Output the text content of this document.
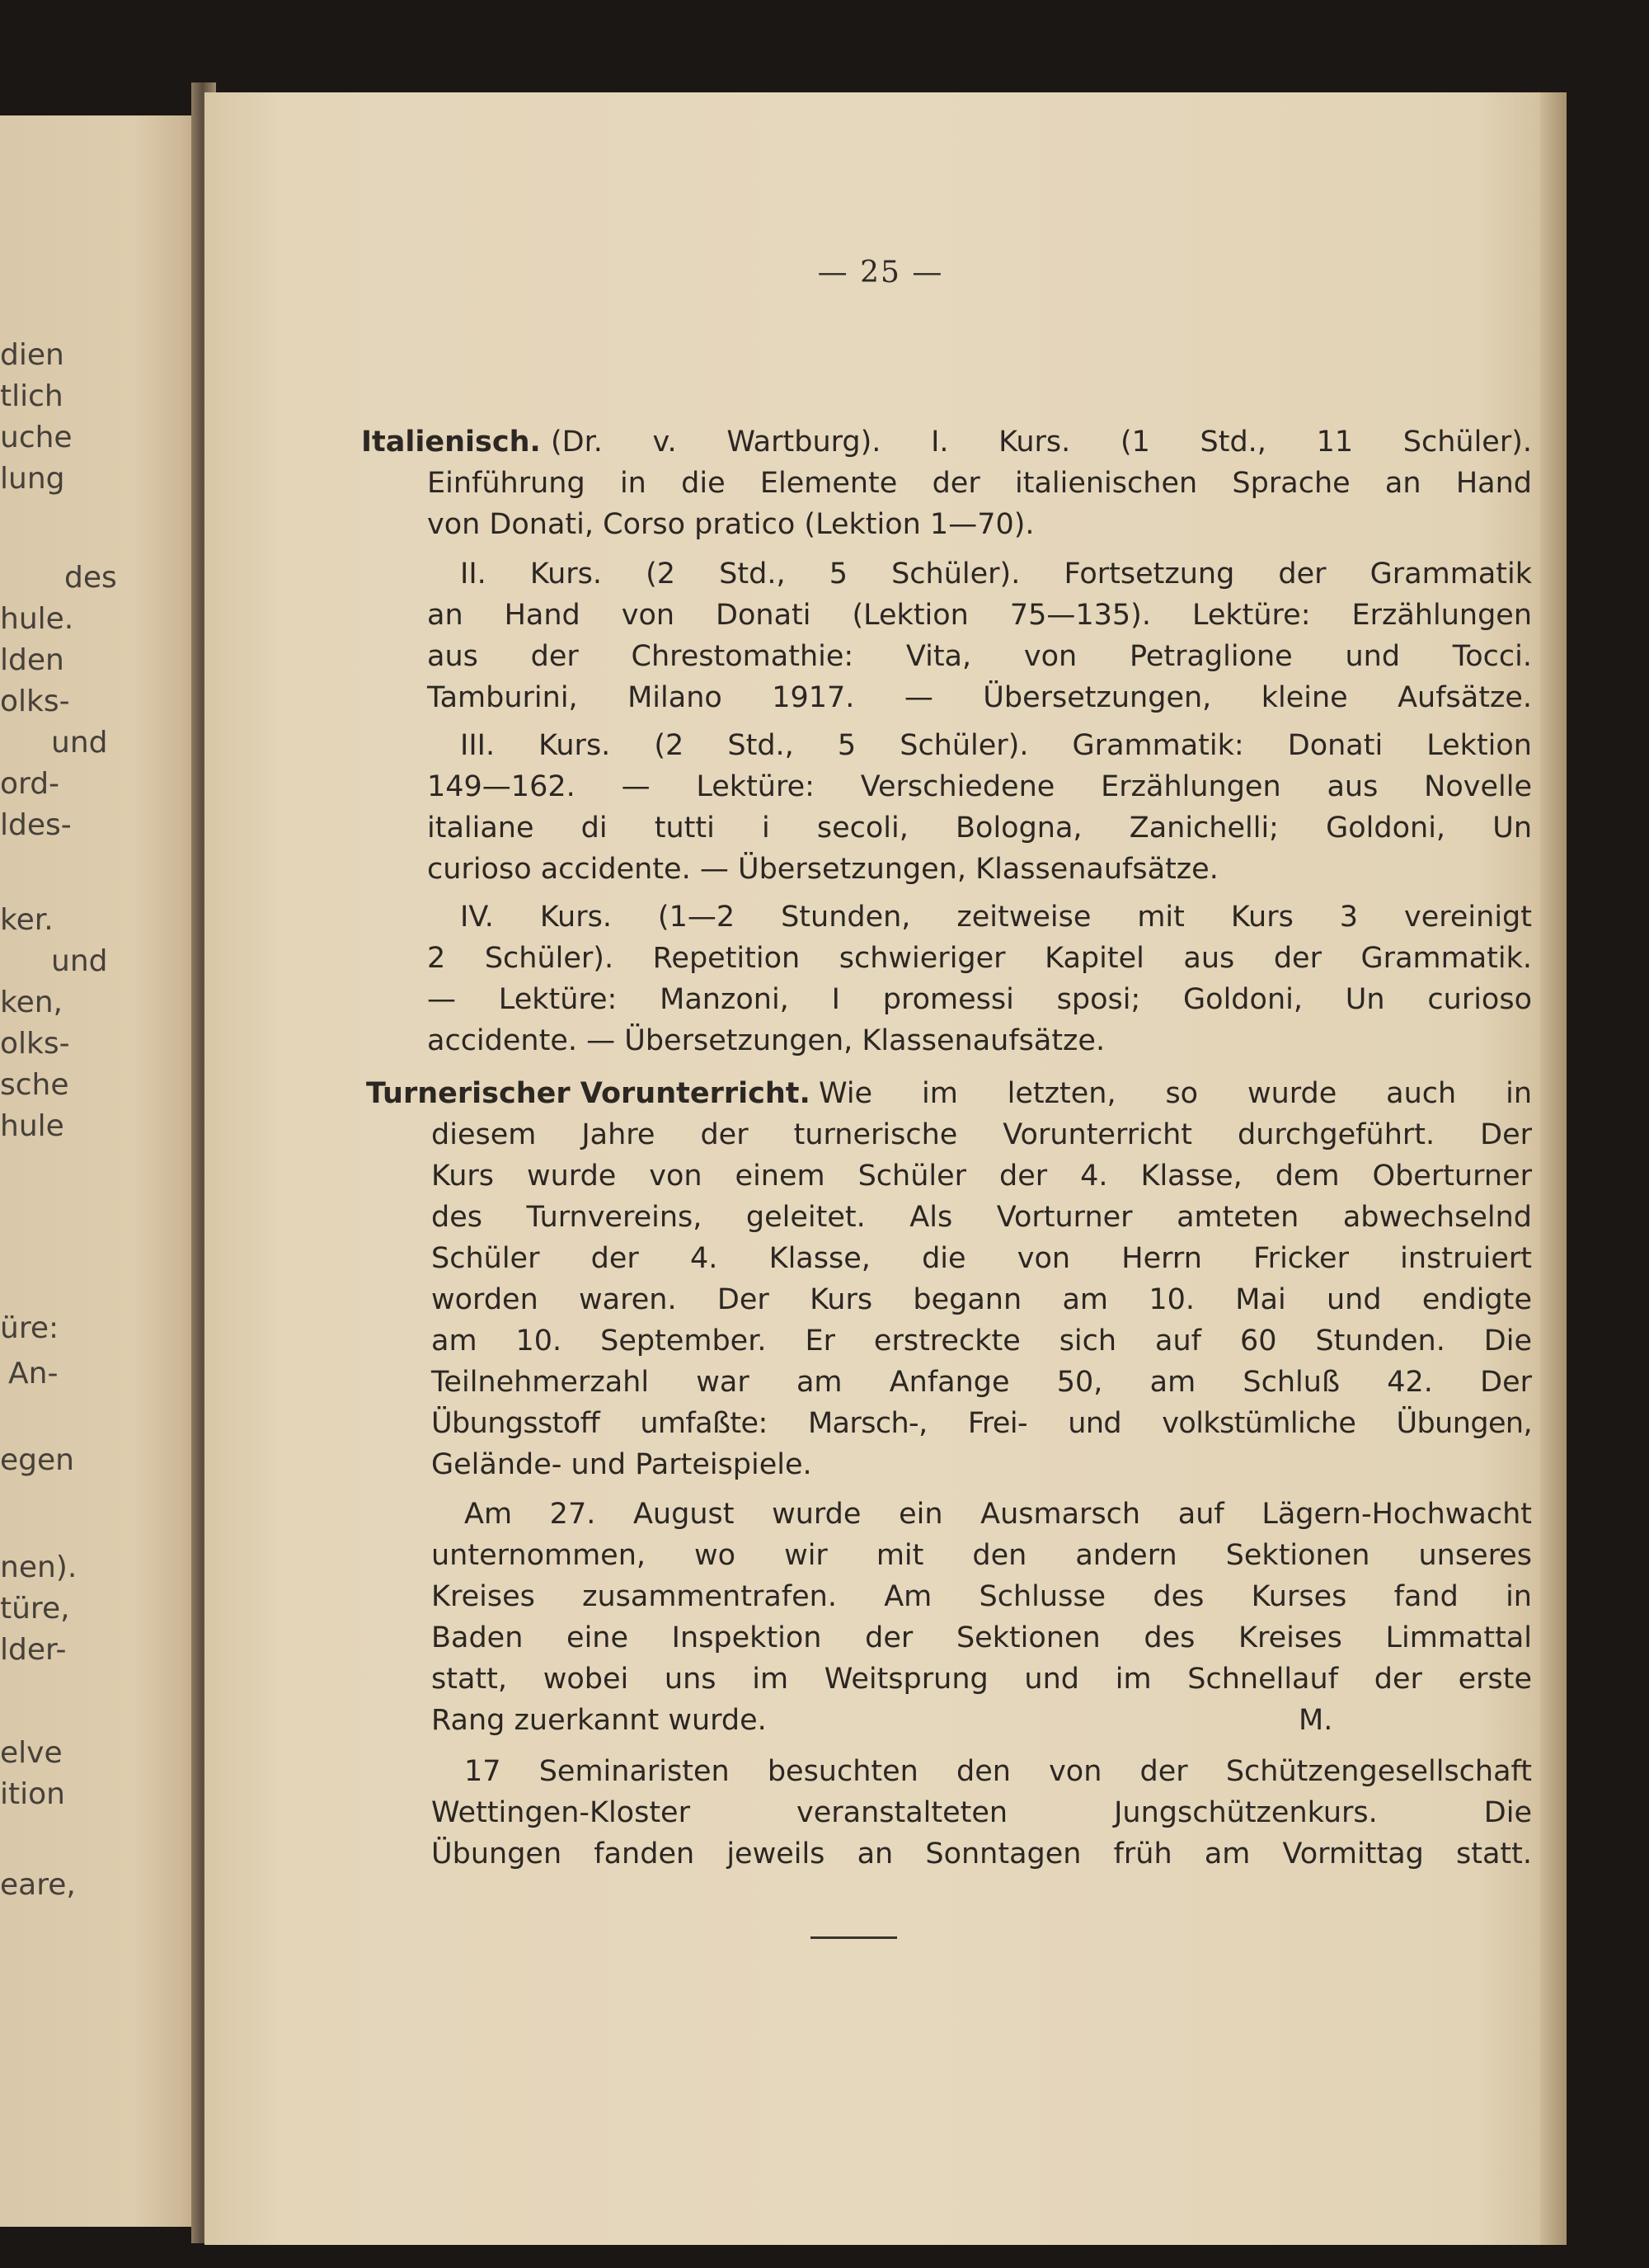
dien
tlich
uche
lung
des
hule.
lden
olks-
und
ord-
ldes-
ker.
und
ken,
olks-
sche
hule
üre:
An-
egen
nen).
türe,
lder-
elve
ition
eare,
— 25 —
Italienisch. (Dr. v. Wartburg). I. Kurs. (1 Std., 11 Schüler).
Einführung in die Elemente der italienischen Sprache an Hand
von Donati, Corso pratico (Lektion 1—70).
II. Kurs. (2 Std., 5 Schüler). Fortsetzung der Grammatik
an Hand von Donati (Lektion 75—135). Lektüre: Erzählungen
aus der Chrestomathie: Vita, von Petraglione und Tocci.
Tamburini, Milano 1917. — Übersetzungen, kleine Aufsätze.
III. Kurs. (2 Std., 5 Schüler). Grammatik: Donati Lektion
149—162. — Lektüre: Verschiedene Erzählungen aus Novelle
italiane di tutti i secoli, Bologna, Zanichelli; Goldoni, Un
curioso accidente. — Übersetzungen, Klassenaufsätze.
IV. Kurs. (1—2 Stunden, zeitweise mit Kurs 3 vereinigt
2 Schüler). Repetition schwieriger Kapitel aus der Grammatik.
— Lektüre: Manzoni, I promessi sposi; Goldoni, Un curioso
accidente. — Übersetzungen, Klassenaufsätze.
Turnerischer Vorunterricht. Wie im letzten, so wurde auch in
diesem Jahre der turnerische Vorunterricht durchgeführt. Der
Kurs wurde von einem Schüler der 4. Klasse, dem Oberturner
des Turnvereins, geleitet. Als Vorturner amteten abwechselnd
Schüler der 4. Klasse, die von Herrn Fricker instruiert
worden waren. Der Kurs begann am 10. Mai und endigte
am 10. September. Er erstreckte sich auf 60 Stunden. Die
Teilnehmerzahl war am Anfange 50, am Schluß 42. Der
Übungsstoff umfaßte: Marsch-, Frei- und volkstümliche Übungen,
Gelände- und Parteispiele.
Am 27. August wurde ein Ausmarsch auf Lägern-Hochwacht
unternommen, wo wir mit den andern Sektionen unseres
Kreises zusammentrafen. Am Schlusse des Kurses fand in
Baden eine Inspektion der Sektionen des Kreises Limmattal
statt, wobei uns im Weitsprung und im Schnellauf der erste
Rang zuerkannt wurde.	M.
17 Seminaristen besuchten den von der Schützengesellschaft
Wettingen-Kloster veranstalteten Jungschützenkurs. Die
Übungen fanden jeweils an Sonntagen früh am Vormittag statt.
